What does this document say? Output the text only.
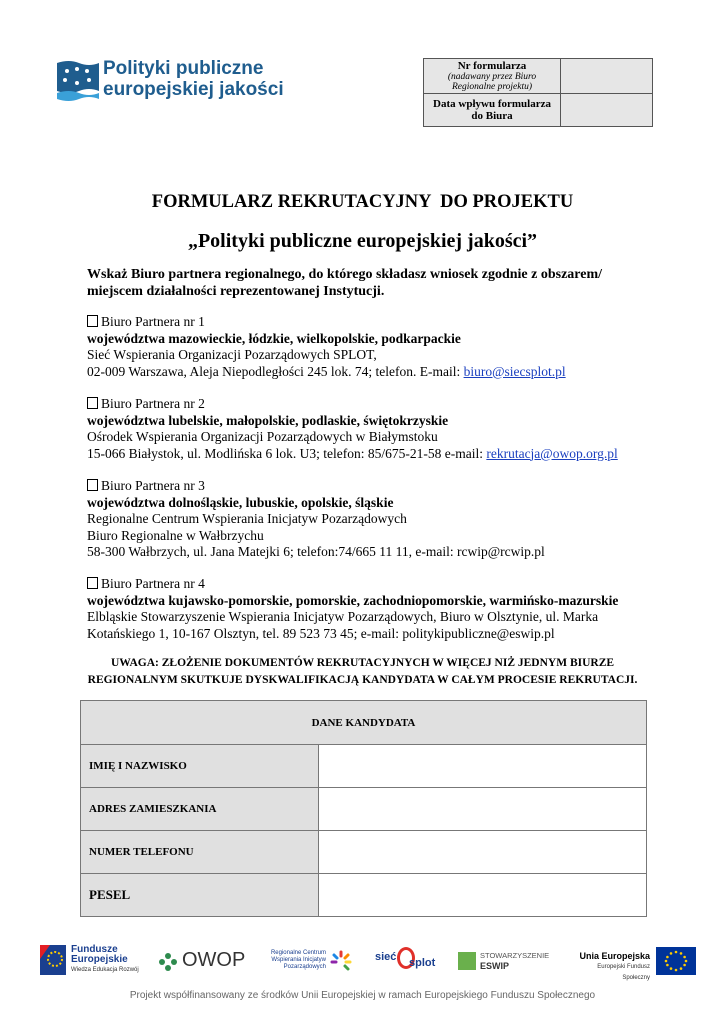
Polityki publiczne
europejskiej jakości
Nr formularza
(nadawany przez Biuro Regionalne projektu)	

Data wpływu formularza do Biura	
FORMULARZ REKRUTACYJNY  DO PROJEKTU
„Polityki publiczne europejskiej jakości”
Wskaż Biuro partnera regionalnego, do którego składasz wniosek zgodnie z obszarem/ miejscem działalności reprezentowanej Instytucji.
Biuro Partnera nr 1
województwa mazowieckie, łódzkie, wielkopolskie, podkarpackie
Sieć Wspierania Organizacji Pozarządowych SPLOT,
02-009 Warszawa, Aleja Niepodległości 245 lok. 74; telefon. E-mail: biuro@siecsplot.pl
Biuro Partnera nr 2
województwa lubelskie, małopolskie, podlaskie, świętokrzyskie
Ośrodek Wspierania Organizacji Pozarządowych w Białymstoku
15-066 Białystok, ul. Modlińska 6 lok. U3; telefon: 85/675-21-58 e-mail: rekrutacja@owop.org.pl
Biuro Partnera nr 3
województwa dolnośląskie, lubuskie, opolskie, śląskie
Regionalne Centrum Wspierania Inicjatyw Pozarządowych
Biuro Regionalne w Wałbrzychu
58-300 Wałbrzych, ul. Jana Matejki 6; telefon:74/665 11 11, e-mail: rcwip@rcwip.pl
Biuro Partnera nr 4
województwa kujawsko-pomorskie, pomorskie, zachodniopomorskie, warmińsko-mazurskie
Elbląskie Stowarzyszenie Wspierania Inicjatyw Pozarządowych, Biuro w Olsztynie, ul. Marka
Kotańskiego 1, 10-167 Olsztyn, tel. 89 523 73 45; e-mail: politykipubliczne@eswip.pl
UWAGA: ZŁOŻENIE DOKUMENTÓW REKRUTACYJNYCH W WIĘCEJ NIŻ JEDNYM BIURZE
REGIONALNYM SKUTKUJE DYSKWALIFIKACJĄ KANDYDATA W CAŁYM PROCESIE REKRUTACJI.
DANE KANDYDATA	
IMIĘ I NAZWISKO	
ADRES ZAMIESZKANIA	
NUMER TELEFONU	
PESEL	
Fundusze
Europejskie
Wiedza Edukacja Rozwój OWOP	Regionalne Centrum
Wspierania Inicjatyw
Pozarządowych
sieć splot
STOWARZYSZENIE
ESWIP
Unia Europejska
Europejski Fundusz Społeczny
Projekt współfinansowany ze środków Unii Europejskiej w ramach Europejskiego Funduszu Społecznego
